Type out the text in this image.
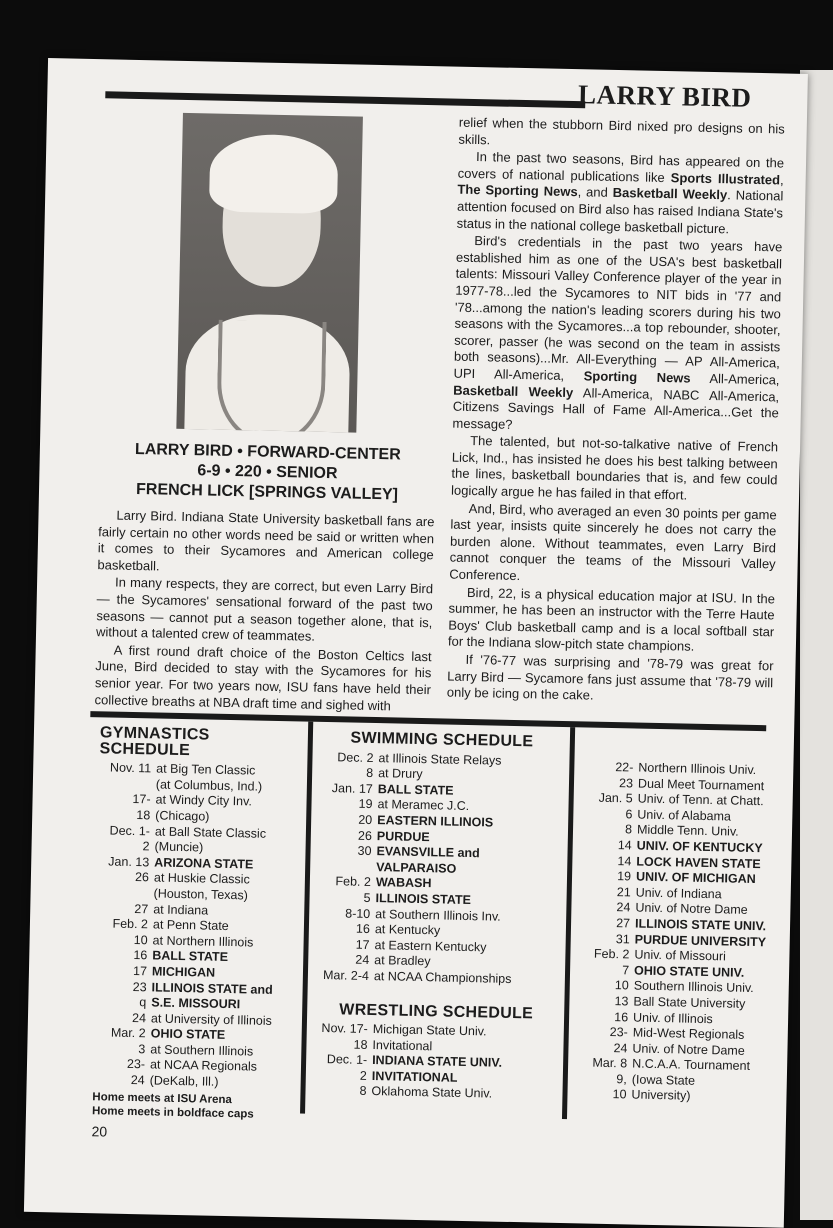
LARRY BIRD
LARRY BIRD • FORWARD-CENTER
6-9 • 220 • SENIOR
FRENCH LICK [SPRINGS VALLEY]

Larry Bird. Indiana State University basketball fans are fairly certain no other words need be said or written when it comes to their Sycamores and American college basketball.

In many respects, they are correct, but even Larry Bird — the Sycamores' sensational forward of the past two seasons — cannot put a season together alone, that is, without a talented crew of teammates.

A first round draft choice of the Boston Celtics last June, Bird decided to stay with the Sycamores for his senior year. For two years now, ISU fans have held their collective breaths at NBA draft time and sighed with

relief when the stubborn Bird nixed pro designs on his skills.

In the past two seasons, Bird has appeared on the covers of national publications like Sports Illustrated, The Sporting News, and Basketball Weekly. National attention focused on Bird also has raised Indiana State's status in the national college basketball picture.

Bird's credentials in the past two years have established him as one of the USA's best basketball talents: Missouri Valley Conference player of the year in 1977-78...led the Sycamores to NIT bids in '77 and '78...among the nation's leading scorers during his two seasons with the Sycamores...a top rebounder, shooter, scorer, passer (he was second on the team in assists both seasons)...Mr. All-Everything — AP All-America, UPI All-America, Sporting News All-America, Basketball Weekly All-America, NABC All-America, Citizens Savings Hall of Fame All-America...Get the message?

The talented, but not-so-talkative native of French Lick, Ind., has insisted he does his best talking between the lines, basketball boundaries that is, and few could logically argue he has failed in that effort.

And, Bird, who averaged an even 30 points per game last year, insists quite sincerely he does not carry the burden alone. Without teammates, even Larry Bird cannot conquer the teams of the Missouri Valley Conference.

Bird, 22, is a physical education major at ISU. In the summer, he has been an instructor with the Terre Haute Boys' Club basketball camp and is a local softball star for the Indiana slow-pitch state champions.

If '76-77 was surprising and '78-79 was great for Larry Bird — Sycamore fans just assume that '78-79 will only be icing on the cake.

GYMNASTICS SCHEDULE
Nov. 11 at Big Ten Classic
(at Columbus, Ind.)
17- at Windy City Inv.
18 (Chicago)
Dec. 1- at Ball State Classic
2 (Muncie)
Jan. 13 ARIZONA STATE
26 at Huskie Classic
(Houston, Texas)
27 at Indiana
Feb. 2 at Penn State
10 at Northern Illinois
16 BALL STATE
17 MICHIGAN
23 ILLINOIS STATE and
q S.E. MISSOURI
24 at University of Illinois
Mar. 2 OHIO STATE
3 at Southern Illinois
23- at NCAA Regionals
24 (DeKalb, Ill.)
Home meets at ISU Arena
Home meets in boldface caps
20
SWIMMING SCHEDULE
Dec. 2 at Illinois State Relays
8 at Drury
Jan. 17 BALL STATE
19 at Meramec J.C.
20 EASTERN ILLINOIS
26 PURDUE
30 EVANSVILLE and
VALPARAISO
Feb. 2 WABASH
5 ILLINOIS STATE
8-10 at Southern Illinois Inv.
16 at Kentucky
17 at Eastern Kentucky
24 at Bradley
Mar. 2-4 at NCAA Championships
WRESTLING SCHEDULE
Nov. 17- Michigan State Univ.
18 Invitational
Dec. 1- INDIANA STATE UNIV.
2 INVITATIONAL
8 Oklahoma State Univ.
22- Northern Illinois Univ.
23 Dual Meet Tournament
Jan. 5 Univ. of Tenn. at Chatt.
6 Univ. of Alabama
8 Middle Tenn. Univ.
14 UNIV. OF KENTUCKY
14 LOCK HAVEN STATE
19 UNIV. OF MICHIGAN
21 Univ. of Indiana
24 Univ. of Notre Dame
27 ILLINOIS STATE UNIV.
31 PURDUE UNIVERSITY
Feb. 2 Univ. of Missouri
7 OHIO STATE UNIV.
10 Southern Illinois Univ.
13 Ball State University
16 Univ. of Illinois
23- Mid-West Regionals
24 Univ. of Notre Dame
Mar. 8 N.C.A.A. Tournament
9, (Iowa State
10 University)
